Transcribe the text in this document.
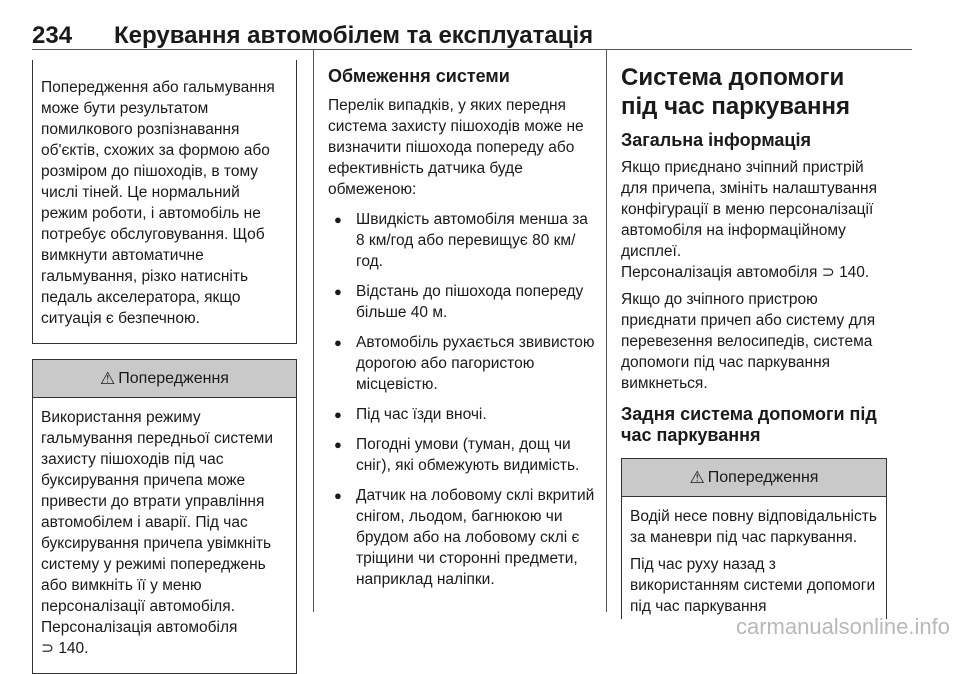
234 Керування автомобілем та експлуатація

Попередження або гальмування може бути результатом помилкового розпізнавання об'єктів, схожих за формою або розміром до пішоходів, в тому числі тіней. Це нормальний режим роботи, і автомобіль не потребує обслуговування. Щоб вимкнути автоматичне гальмування, різко натисніть педаль акселератора, якщо ситуація є безпечною.

⚠ Попередження

Використання режиму гальмування передньої системи захисту пішоходів під час буксирування причепа може привести до втрати управління автомобілем і аварії. Під час буксирування причепа увімкніть систему у режимі попереджень або вимкніть її у меню персоналізації автомобіля.

Персоналізація автомобіля
⊃ 140.

Обмеження системи

Перелік випадків, у яких передня система захисту пішоходів може не визначити пішохода попереду або ефективність датчика буде обмеженою:

● Швидкість автомобіля менша за 8 км/год або перевищує 80 км/год.
● Відстань до пішохода попереду більше 40 м.
● Автомобіль рухається звивистою дорогою або пагористою місцевістю.
● Під час їзди вночі.
● Погодні умови (туман, дощ чи сніг), які обмежують видимість.
● Датчик на лобовому склі вкритий снігом, льодом, багнюкою чи брудом або на лобовому склі є тріщини чи сторонні предмети, наприклад наліпки.
Система допомоги під час паркування
Загальна інформація

Якщо приєднано зчіпний пристрій для причепа, змініть налаштування конфігурації в меню персоналізації автомобіля на інформаційному дисплеї.

Персоналізація автомобіля ⊃ 140.

Якщо до зчіпного пристрою приєднати причеп або систему для перевезення велосипедів, система допомоги під час паркування вимкнеться.

Задня система допомоги під час паркування
⚠ Попередження

Водій несе повну відповідальність за маневри під час паркування.

Під час руху назад з використанням системи допомоги під час паркування

carmanualsonline.info
